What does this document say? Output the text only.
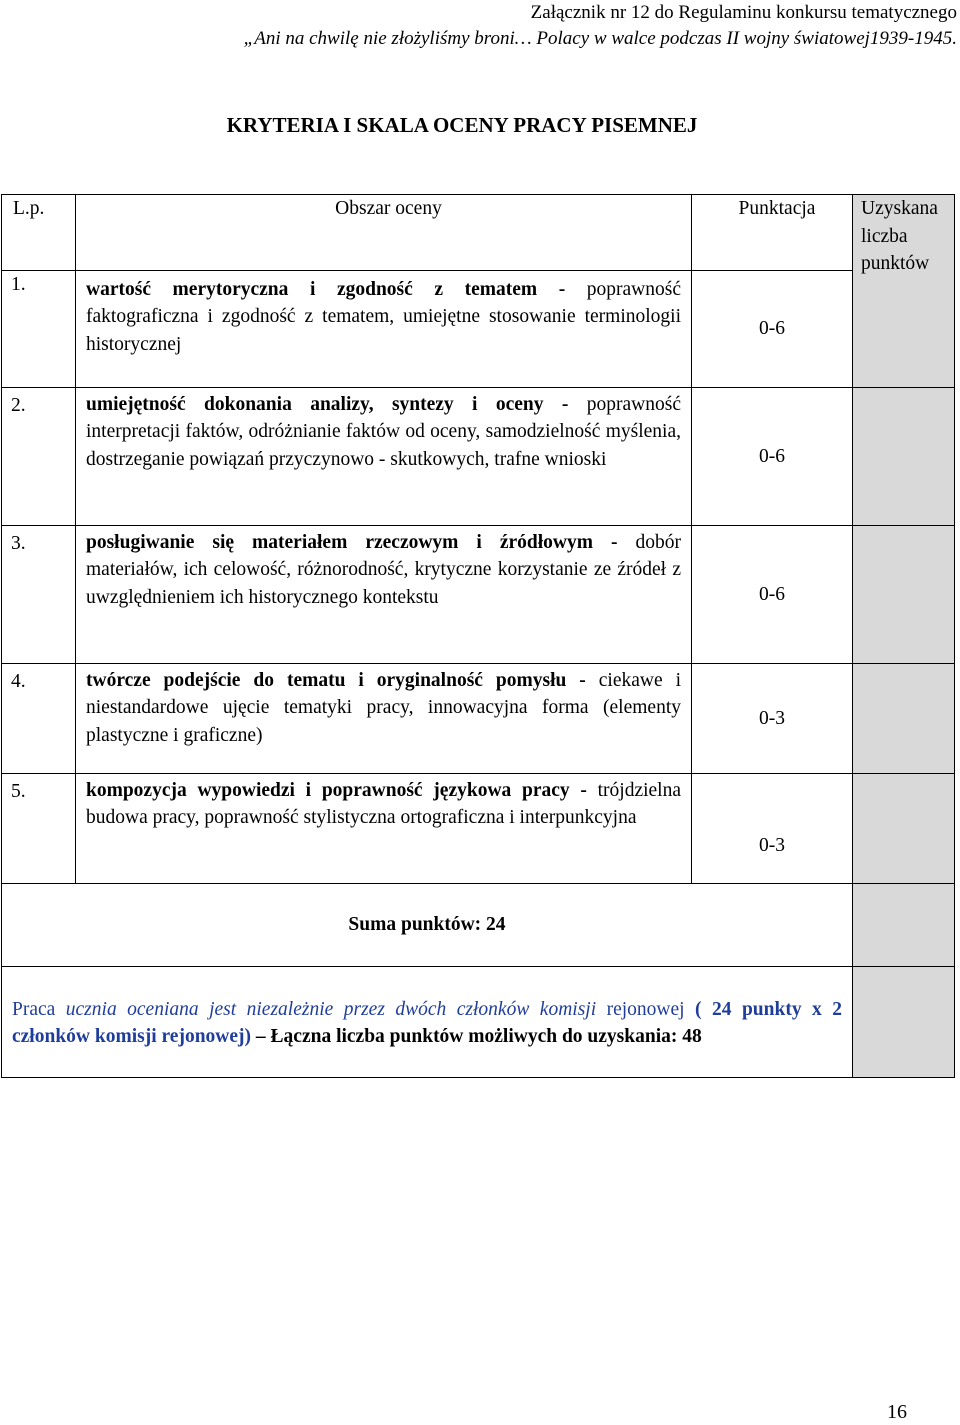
Załącznik nr 12 do Regulaminu konkursu tematycznego
„Ani na chwilę nie złożyliśmy broni… Polacy w walce podczas II wojny światowej1939-1945.
KRYTERIA I SKALA OCENY PRACY PISEMNEJ
L.p.	Obszar oceny	Punktacja	Uzyskana liczba punktów
1.	wartość merytoryczna i zgodność z tematem - poprawność faktograficzna i zgodność z tematem, umiejętne stosowanie terminologii historycznej	0-6	
2.	umiejętność dokonania analizy, syntezy i oceny - poprawność interpretacji faktów, odróżnianie faktów od oceny, samodzielność myślenia, dostrzeganie powiązań przyczynowo - skutkowych, trafne wnioski	0-6	
3.	posługiwanie się materiałem rzeczowym i źródłowym - dobór materiałów, ich celowość, różnorodność, krytyczne korzystanie ze źródeł z uwzględnieniem ich historycznego kontekstu	0-6	
4.	twórcze podejście do tematu i oryginalność pomysłu - ciekawe i niestandardowe ujęcie tematyki pracy, innowacyjna forma (elementy plastyczne i graficzne)	0-3	
5.	kompozycja wypowiedzi i poprawność językowa pracy - trójdzielna budowa pracy, poprawność stylistyczna ortograficzna i interpunkcyjna	0-3	
Suma punktów: 24			
Praca ucznia oceniana jest niezależnie przez dwóch członków komisji rejonowej ( 24 punkty x 2 członków komisji rejonowej) – Łączna liczba punktów możliwych do uzyskania: 48			
16
